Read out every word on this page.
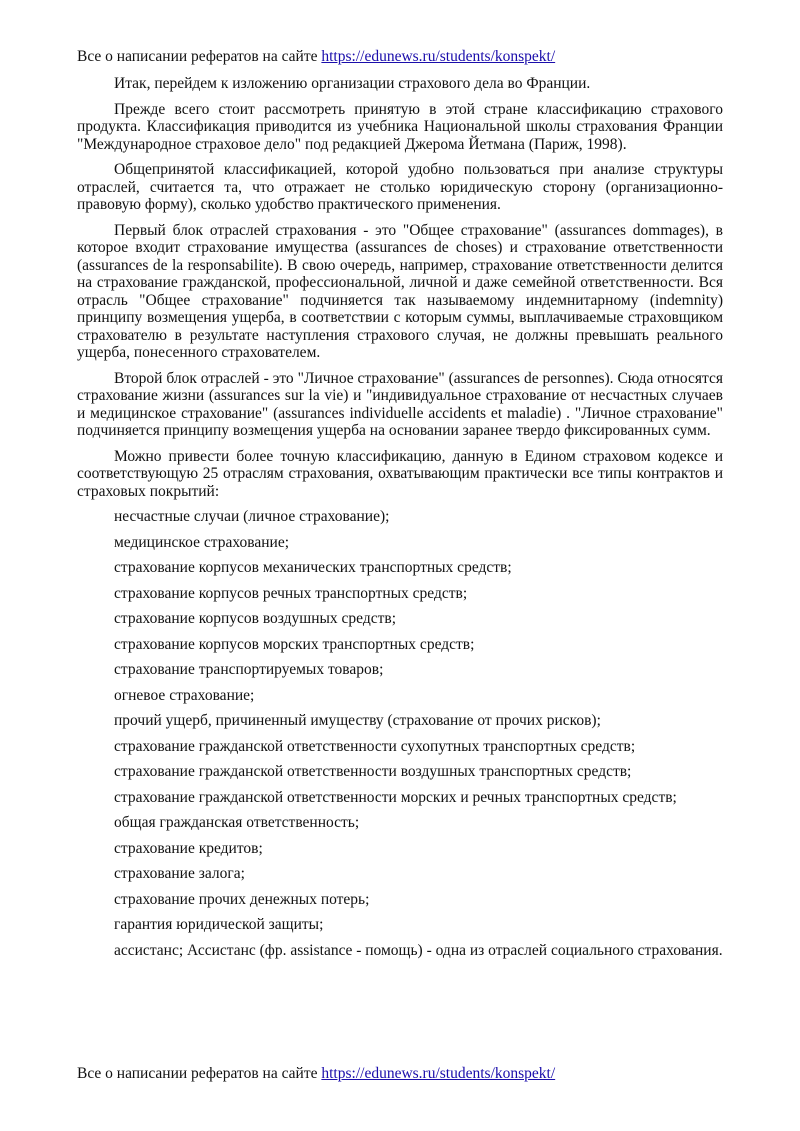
Все о написании рефератов на сайте https://edunews.ru/students/konspekt/

Итак, перейдем к изложению организации страхового дела во Франции.

Прежде всего стоит рассмотреть принятую в этой стране классификацию страхового продукта. Классификация приводится из учебника Национальной школы страхования Франции "Международное страховое дело" под редакцией Джерома Йетмана (Париж, 1998).

Общепринятой классификацией, которой удобно пользоваться при анализе структуры отраслей, считается та, что отражает не столько юридическую сторону (организационно-правовую форму), сколько удобство практического применения.

Первый блок отраслей страхования - это "Общее страхование" (assurances dommages), в которое входит страхование имущества (assurances de choses) и страхование ответственности (assurances de la responsabilite). В свою очередь, например, страхование ответственности делится на страхование гражданской, профессиональной, личной и даже семейной ответственности. Вся отрасль "Общее страхование" подчиняется так называемому индемнитарному (indemnity) принципу возмещения ущерба, в соответствии с которым суммы, выплачиваемые страховщиком страхователю в результате наступления страхового случая, не должны превышать реального ущерба, понесенного страхователем.

Второй блок отраслей - это "Личное страхование" (assurances de personnes). Сюда относятся страхование жизни (assurances sur la vie) и "индивидуальное страхование от несчастных случаев и медицинское страхование" (assurances individuelle accidents et maladie) . "Личное страхование" подчиняется принципу возмещения ущерба на основании заранее твердо фиксированных сумм.

Можно привести более точную классификацию, данную в Едином страховом кодексе и соответствующую 25 отраслям страхования, охватывающим практически все типы контрактов и страховых покрытий:

несчастные случаи (личное страхование);

медицинское страхование;

страхование корпусов механических транспортных средств;

страхование корпусов речных транспортных средств;

страхование корпусов воздушных средств;

страхование корпусов морских транспортных средств;

страхование транспортируемых товаров;

огневое страхование;

прочий ущерб, причиненный имуществу (страхование от прочих рисков);

страхование гражданской ответственности сухопутных транспортных средств;

страхование гражданской ответственности воздушных транспортных средств;

страхование гражданской ответственности морских и речных транспортных средств;

общая гражданская ответственность;

страхование кредитов;

страхование залога;

страхование прочих денежных потерь;

гарантия юридической защиты;

ассистанс; Ассистанс (фр. assistance - помощь) - одна из отраслей социального страхования.

Все о написании рефератов на сайте https://edunews.ru/students/konspekt/
